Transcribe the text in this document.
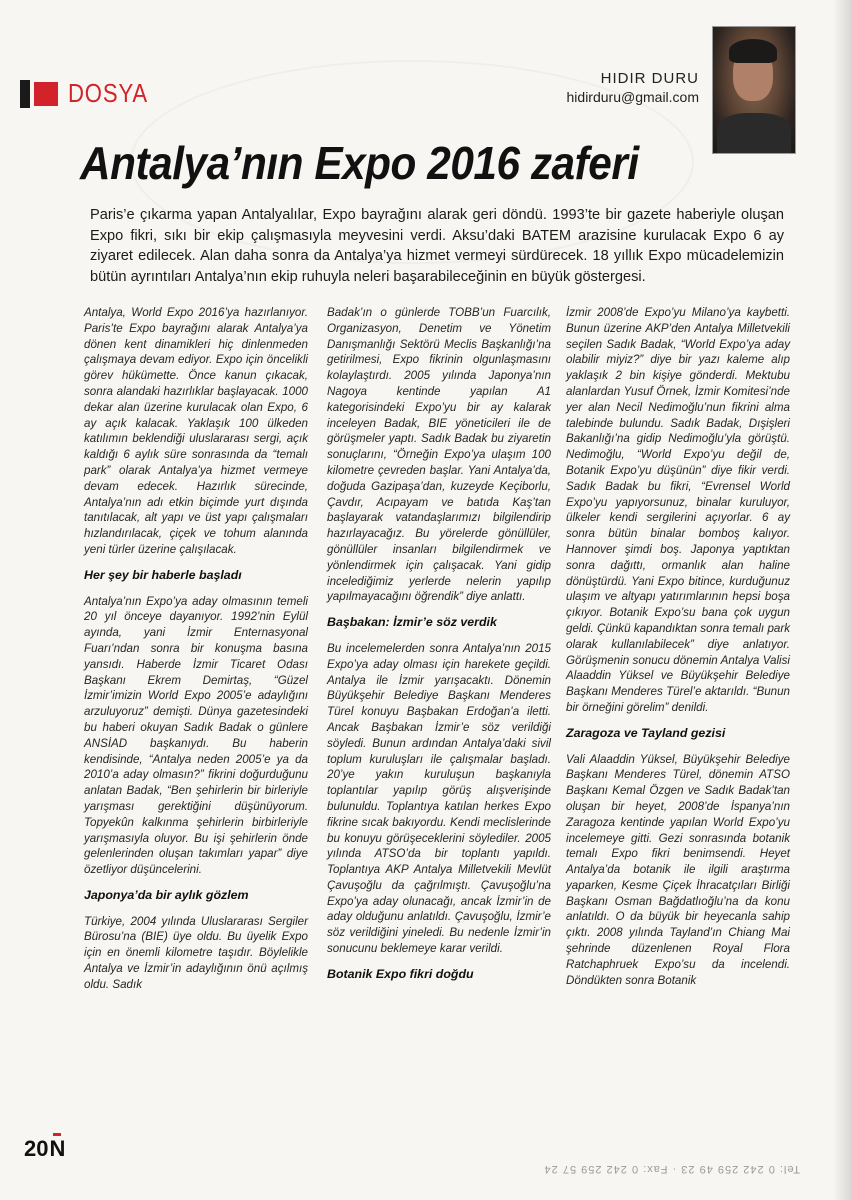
DOSYA	HIDIR DURU
hidirduru@gmail.com
Antalya’nın Expo 2016 zaferi
Paris’e çıkarma yapan Antalyalılar, Expo bayrağını alarak geri döndü. 1993’te bir gazete haberiyle oluşan Expo fikri, sıkı bir ekip çalışmasıyla meyvesini verdi. Aksu’daki BATEM arazisine kurulacak Expo 6 ay ziyaret edilecek. Alan daha sonra da Antalya’ya hizmet vermeyi sürdürecek. 18 yıllık Expo mücadelemizin bütün ayrıntıları Antalya’nın ekip ruhuyla neleri başarabileceğinin en büyük göstergesi.

Antalya, World Expo 2016’ya hazırlanıyor. Paris’te Expo bayrağını alarak Antalya’ya dönen kent dinamikleri hiç dinlenmeden çalışmaya devam ediyor. Expo için öncelikli görev hükümette. Önce kanun çıkacak, sonra alandaki hazırlıklar başlayacak. 1000 dekar alan üzerine kurulacak olan Expo, 6 ay açık kalacak. Yaklaşık 100 ülkeden katılımın beklendiği uluslararası sergi, açık kaldığı 6 aylık süre sonrasında da “temalı park” olarak Antalya’ya hizmet vermeye devam edecek. Hazırlık sürecinde, Antalya’nın adı etkin biçimde yurt dışında tanıtılacak, alt yapı ve üst yapı çalışmaları hızlandırılacak, çiçek ve tohum alanında yeni türler üzerine çalışılacak.

Her şey bir haberle başladı

Antalya’nın Expo’ya aday olmasının temeli 20 yıl önceye dayanıyor. 1992’nin Eylül ayında, yani İzmir Enternasyonal Fuarı’ndan sonra bir konuşma basına yansıdı. Haberde İzmir Ticaret Odası Başkanı Ekrem Demirtaş, “Güzel İzmir’imizin World Expo 2005’e adaylığını arzuluyoruz” demişti. Dünya gazetesindeki bu haberi okuyan Sadık Badak o günlere ANSİAD başkanıydı. Bu haberin kendisinde, “Antalya neden 2005’e ya da 2010’a aday olmasın?” fikrini doğurduğunu anlatan Badak, “Ben şehirlerin bir birleriyle yarışması gerektiğini düşünüyorum. Topyekûn kalkınma şehirlerin birbirleriyle yarışmasıyla oluyor. Bu işi şehirlerin önde gelenlerinden oluşan takımları yapar” diye özetliyor düşüncelerini.

Japonya’da bir aylık gözlem

Türkiye, 2004 yılında Uluslararası Sergiler Bürosu’na (BIE) üye oldu. Bu üyelik Expo için en önemli kilometre taşıdır. Böylelikle Antalya ve İzmir’in adaylığının önü açılmış oldu. Sadık

Badak’ın o günlerde TOBB’un Fuarcılık, Organizasyon, Denetim ve Yönetim Danışmanlığı Sektörü Meclis Başkanlığı’na getirilmesi, Expo fikrinin olgunlaşmasını kolaylaştırdı. 2005 yılında Japonya’nın Nagoya kentinde yapılan A1 kategorisindeki Expo’yu bir ay kalarak inceleyen Badak, BIE yöneticileri ile de görüşmeler yaptı. Sadık Badak bu ziyaretin sonuçlarını, “Örneğin Expo’ya ulaşım 100 kilometre çevreden başlar. Yani Antalya’da, doğuda Gazipaşa’dan, kuzeyde Keçiborlu, Çavdır, Acıpayam ve batıda Kaş’tan başlayarak vatandaşlarımızı bilgilendirip hazırlayacağız. Bu yörelerde gönüllüler, gönüllüler insanları bilgilendirmek ve yönlendirmek için çalışacak. Yani gidip incelediğimiz yerlerde nelerin yapılıp yapılmayacağını öğrendik” diye anlattı.

Başbakan: İzmir’e söz verdik

Bu incelemelerden sonra Antalya’nın 2015 Expo’ya aday olması için harekete geçildi. Antalya ile İzmir yarışacaktı. Dönemin Büyükşehir Belediye Başkanı Menderes Türel konuyu Başbakan Erdoğan’a iletti. Ancak Başbakan İzmir’e söz verildiği söyledi. Bunun ardından Antalya’daki sivil toplum kuruluşları ile çalışmalar başladı. 20’ye yakın kuruluşun başkanıyla toplantılar yapılıp görüş alışverişinde bulunuldu. Toplantıya katılan herkes Expo fikrine sıcak bakıyordu. Kendi meclislerinde bu konuyu görüşeceklerini söylediler. 2005 yılında ATSO’da bir toplantı yapıldı. Toplantıya AKP Antalya Milletvekili Mevlüt Çavuşoğlu da çağrılmıştı. Çavuşoğlu’na Expo’ya aday olunacağı, ancak İzmir’in de aday olduğunu anlatıldı. Çavuşoğlu, İzmir’e söz verildiğini yineledi. Bu nedenle İzmir’in sonucunu beklemeye karar verildi.

Botanik Expo fikri doğdu

İzmir 2008’de Expo’yu Milano’ya kaybetti. Bunun üzerine AKP’den Antalya Milletvekili seçilen Sadık Badak, “World Expo’ya aday olabilir miyiz?” diye bir yazı kaleme alıp yaklaşık 2 bin kişiye gönderdi. Mektubu alanlardan Yusuf Örnek, İzmir Komitesi’nde yer alan Necil Nedimoğlu’nun fikrini alma talebinde bulundu. Sadık Badak, Dışişleri Bakanlığı’na gidip Nedimoğlu’yla görüştü. Nedimoğlu, “World Expo’yu değil de, Botanik Expo’yu düşünün” diye fikir verdi. Sadık Badak bu fikri, “Evrensel World Expo’yu yapıyorsunuz, binalar kuruluyor, ülkeler kendi sergilerini açıyorlar. 6 ay sonra bütün binalar bomboş kalıyor. Hannover şimdi boş. Japonya yaptıktan sonra dağıttı, ormanlık alan haline dönüştürdü. Yani Expo bitince, kurduğunuz ulaşım ve altyapı yatırımlarının hepsi boşa çıkıyor. Botanik Expo’su bana çok uygun geldi. Çünkü kapandıktan sonra temalı park olarak kullanılabilecek” diye anlatıyor. Görüşmenin sonucu dönemin Antalya Valisi Alaaddin Yüksel ve Büyükşehir Belediye Başkanı Menderes Türel’e aktarıldı. “Bunun bir örneğini görelim” denildi.

Zaragoza ve Tayland gezisi

Vali Alaaddin Yüksel, Büyükşehir Belediye Başkanı Menderes Türel, dönemin ATSO Başkanı Kemal Özgen ve Sadık Badak’tan oluşan bir heyet, 2008’de İspanya’nın Zaragoza kentinde yapılan World Expo’yu incelemeye gitti. Gezi sonrasında botanik temalı Expo fikri benimsendi. Heyet Antalya’da botanik ile ilgili araştırma yaparken, Kesme Çiçek İhracatçıları Birliği Başkanı Osman Bağdatlıoğlu’na da konu anlatıldı. O da büyük bir heyecanla sahip çıktı. 2008 yılında Tayland’ın Chiang Mai şehrinde düzenlenen Royal Flora Ratchaphruek Expo’su da incelendi. Döndükten sonra Botanik

20 N
Tel: 0 242 259 49 23 · Fax: 0 242 259 57 24
